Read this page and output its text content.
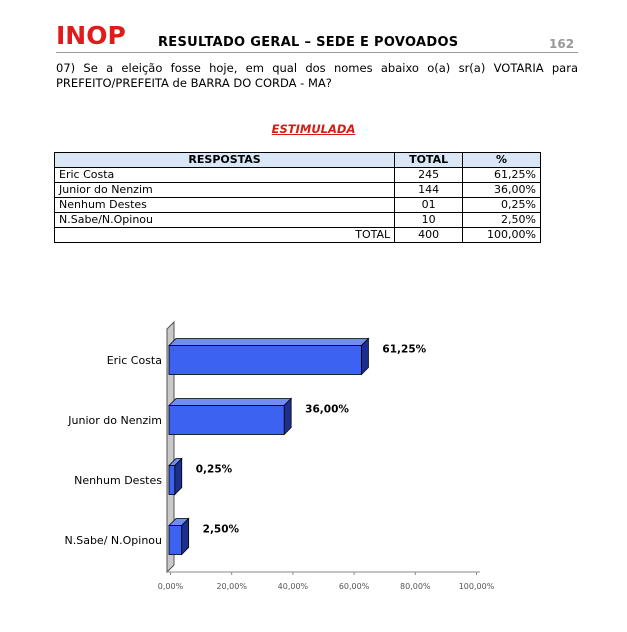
INOP RESULTADO GERAL – SEDE E POVOADOS	162
07) Se a eleição fosse hoje, em qual dos nomes abaixo o(a) sr(a) VOTARIA para PREFEITO/PREFEITA de BARRA DO CORDA - MA?
ESTIMULADA
RESPOSTAS	TOTAL	%
Eric Costa	245	61,25%
Junior do Nenzim	144	36,00%
Nenhum Destes	01	0,25%
N.Sabe/N.Opinou	10	2,50%
TOTAL	400	100,00%
Eric Costa
61,25%
Junior do Nenzim
36,00%
Nenhum Destes
0,25%
N.Sabe/ N.Opinou
2,50%
0,00%	20,00%	40,00%	60,00%	80,00%	100,00%
